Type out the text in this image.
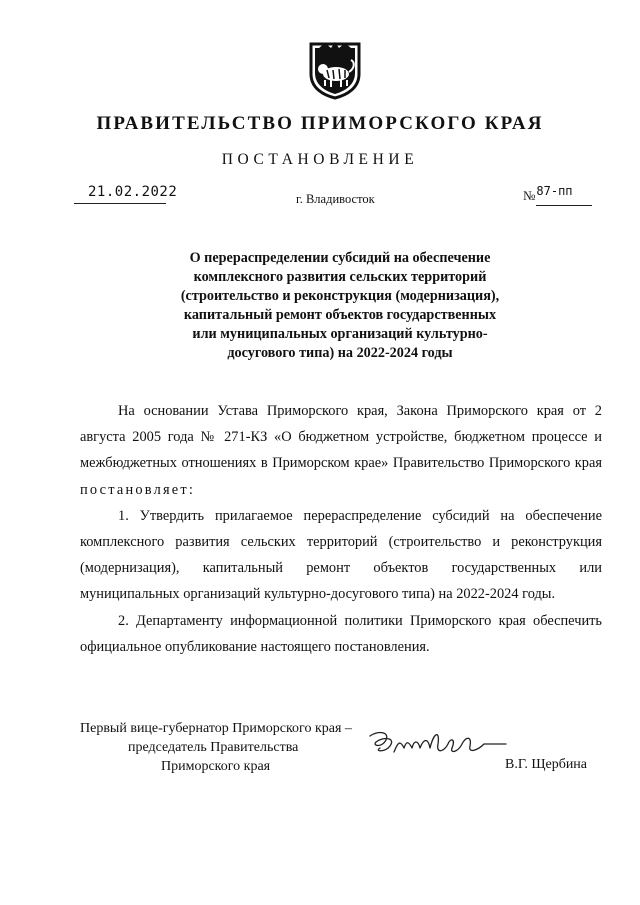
ПРАВИТЕЛЬСТВО ПРИМОРСКОГО КРАЯ
ПОСТАНОВЛЕНИЕ
21.02.2022	г. Владивосток	№87-пп
О перераспределении субсидий на обеспечение
комплексного развития сельских территорий
(строительство и реконструкция (модернизация),
капитальный ремонт объектов государственных
или муниципальных организаций культурно-
досугового типа) на 2022-2024 годы

На основании Устава Приморского края, Закона Приморского края от 2 августа 2005 года № 271-КЗ «О бюджетном устройстве, бюджетном процессе и межбюджетных отношениях в Приморском крае» Правительство Приморского края постановляет:

1. Утвердить прилагаемое перераспределение субсидий на обеспечение комплексного развития сельских территорий (строительство и реконструкция (модернизация), капитальный ремонт объектов государственных или муниципальных организаций культурно-досугового типа) на 2022-2024 годы.

2. Департаменту информационной политики Приморского края обеспечить официальное опубликование настоящего постановления.

Первый вице-губернатор Приморского края –
председатель Правительства
Приморского края	В.Г. Щербина
